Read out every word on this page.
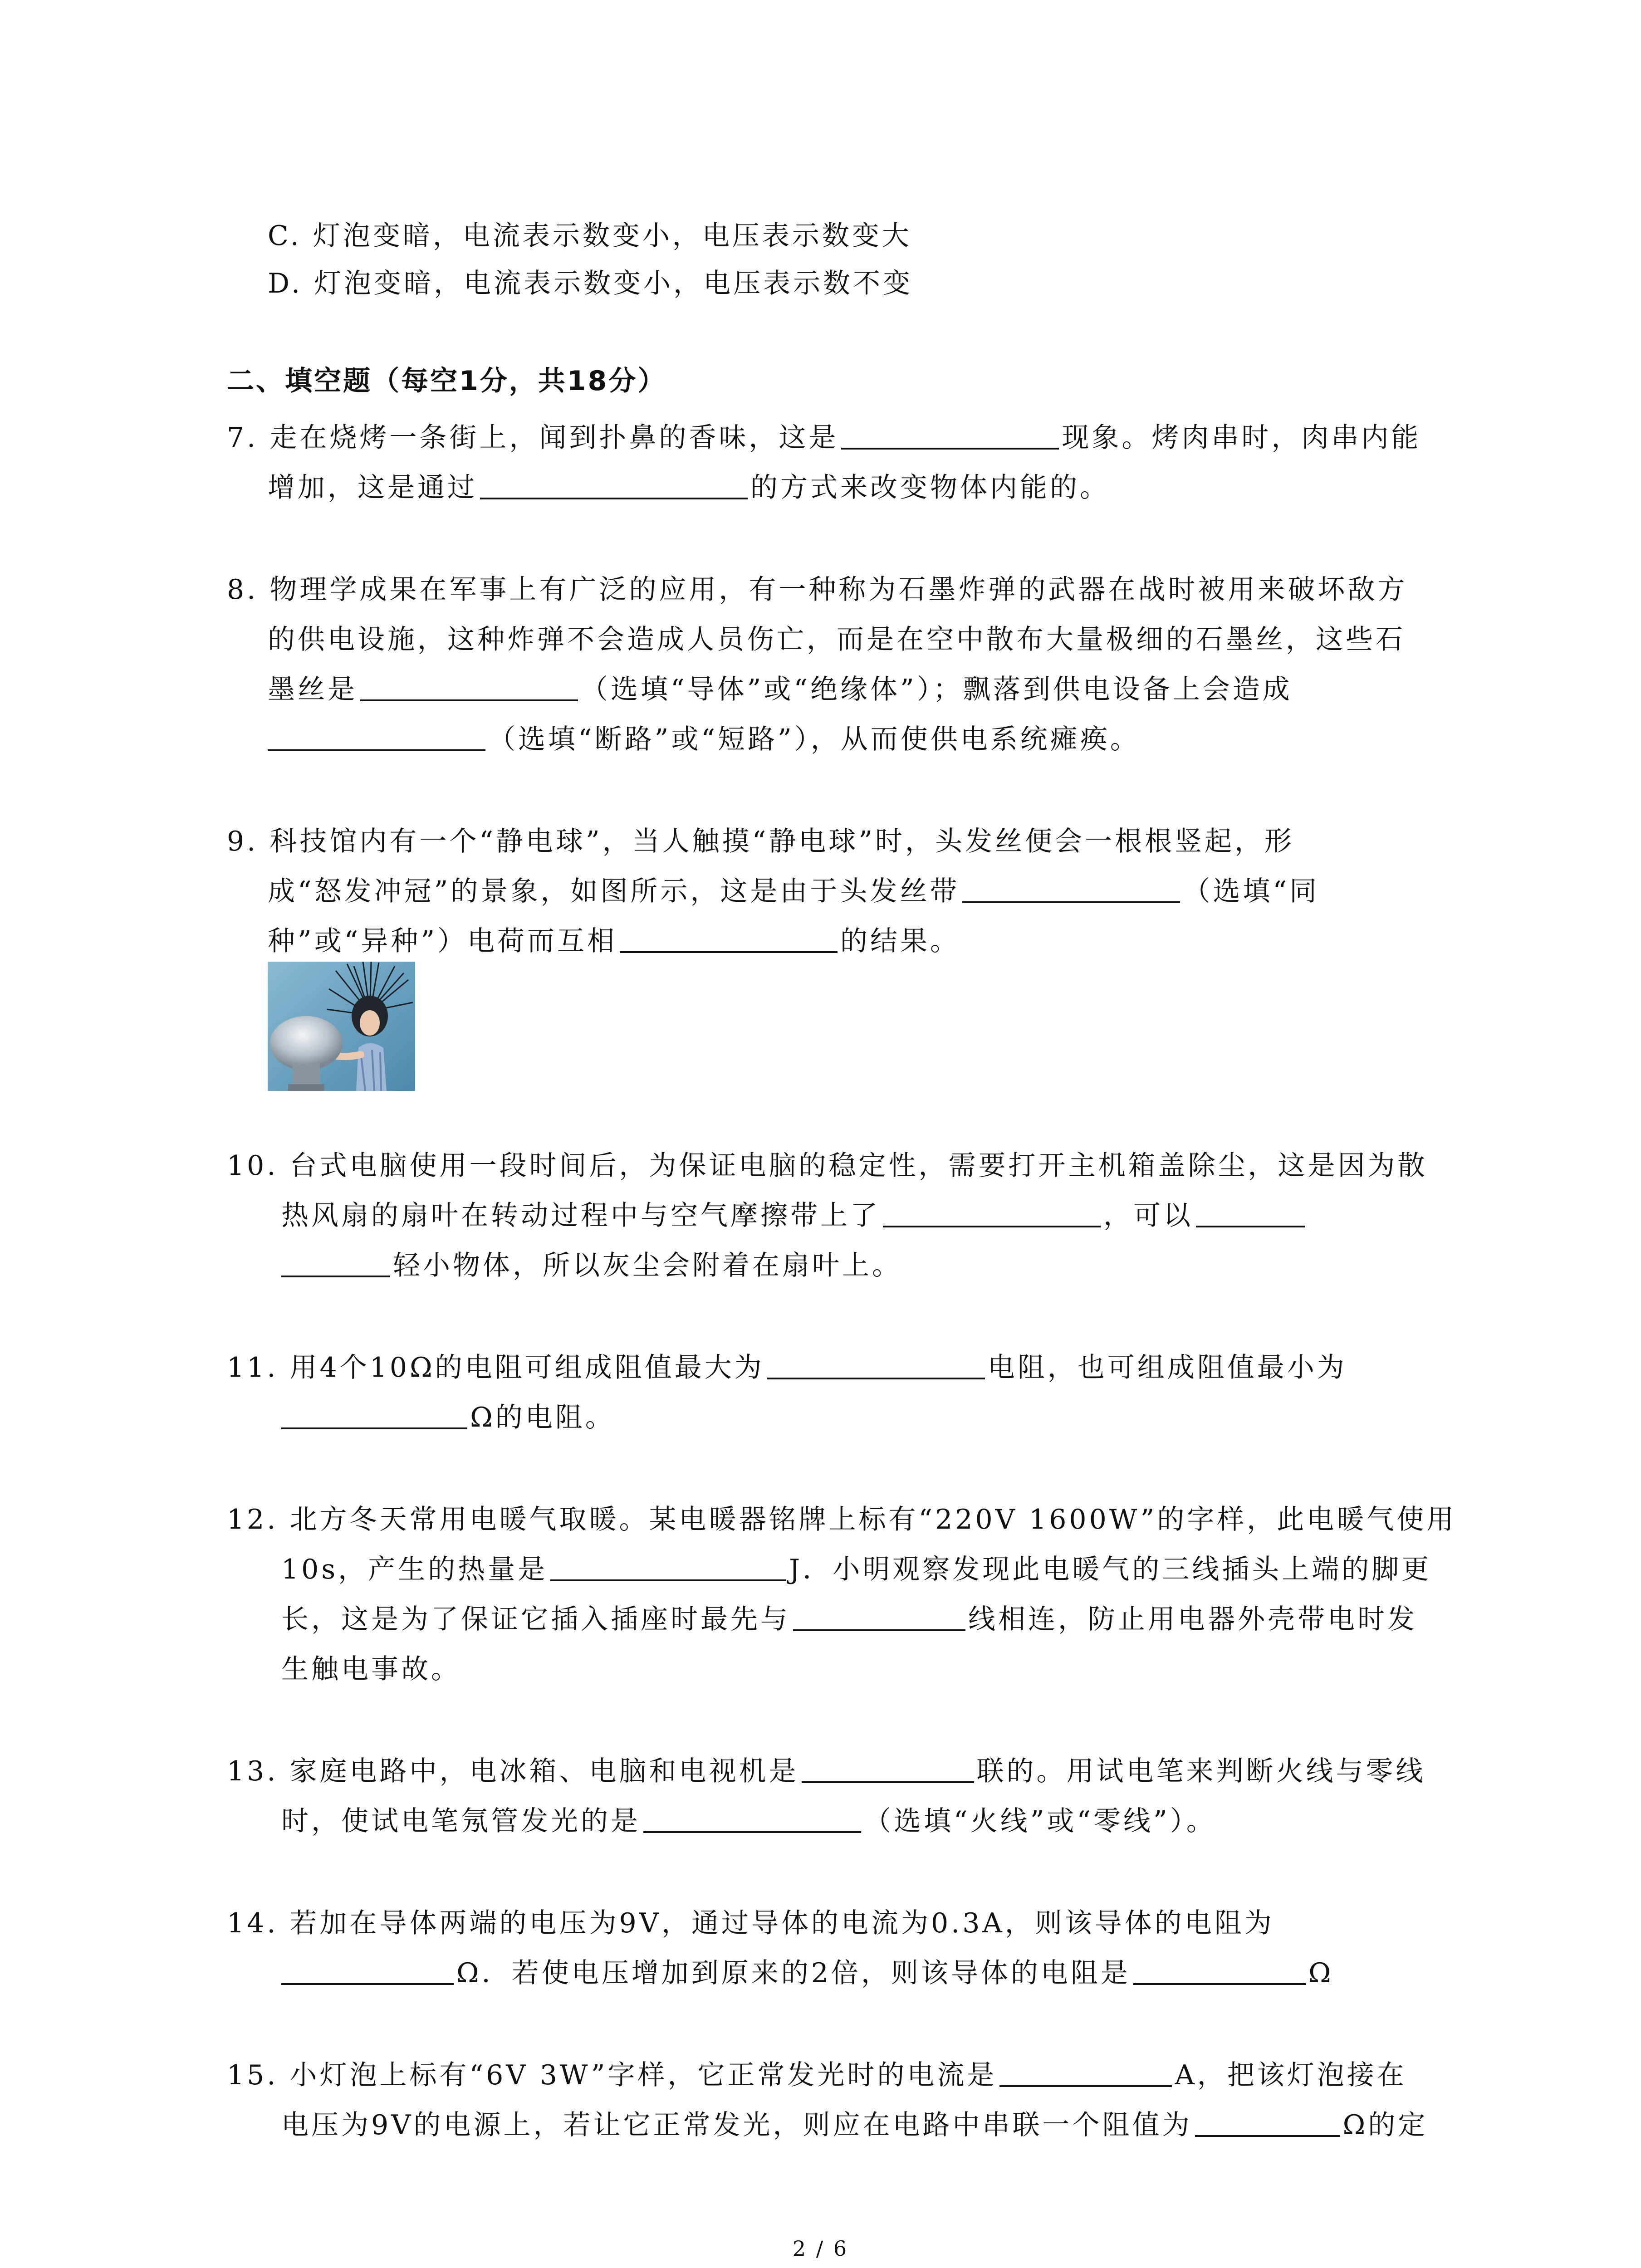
C. 灯泡变暗，电流表示数变小，电压表示数变大
D. 灯泡变暗，电流表示数变小，电压表示数不变
二、填空题（每空1分，共18分）
7. 走在烧烤一条街上，闻到扑鼻的香味，这是	现象。烤肉串时，肉串内能
增加，这是通过	的方式来改变物体内能的。
8. 物理学成果在军事上有广泛的应用，有一种称为石墨炸弹的武器在战时被用来破坏敌方
的供电设施，这种炸弹不会造成人员伤亡，而是在空中散布大量极细的石墨丝，这些石
墨丝是	（选填“导体”或“绝缘体”）；飘落到供电设备上会造成
（选填“断路”或“短路”），从而使供电系统瘫痪。
9. 科技馆内有一个“静电球”，当人触摸“静电球”时，头发丝便会一根根竖起，形
成“怒发冲冠”的景象，如图所示，这是由于头发丝带	（选填“同
种”或“异种”）电荷而互相	的结果。
10. 台式电脑使用一段时间后，为保证电脑的稳定性，需要打开主机箱盖除尘，这是因为散
热风扇的扇叶在转动过程中与空气摩擦带上了	，可以
轻小物体，所以灰尘会附着在扇叶上。
11. 用4个10Ω的电阻可组成阻值最大为	电阻，也可组成阻值最小为
Ω的电阻。
12. 北方冬天常用电暖气取暖。某电暖器铭牌上标有“220V 1600W”的字样，此电暖气使用
10s，产生的热量是	J．小明观察发现此电暖气的三线插头上端的脚更
长，这是为了保证它插入插座时最先与	线相连，防止用电器外壳带电时发
生触电事故。
13. 家庭电路中，电冰箱、电脑和电视机是	联的。用试电笔来判断火线与零线
时，使试电笔氖管发光的是	（选填“火线”或“零线”）。
14. 若加在导体两端的电压为9V，通过导体的电流为0.3A，则该导体的电阻为
Ω．若使电压增加到原来的2倍，则该导体的电阻是	Ω
15. 小灯泡上标有“6V 3W”字样，它正常发光时的电流是	A，把该灯泡接在
电压为9V的电源上，若让它正常发光，则应在电路中串联一个阻值为	Ω的定
2 / 6
